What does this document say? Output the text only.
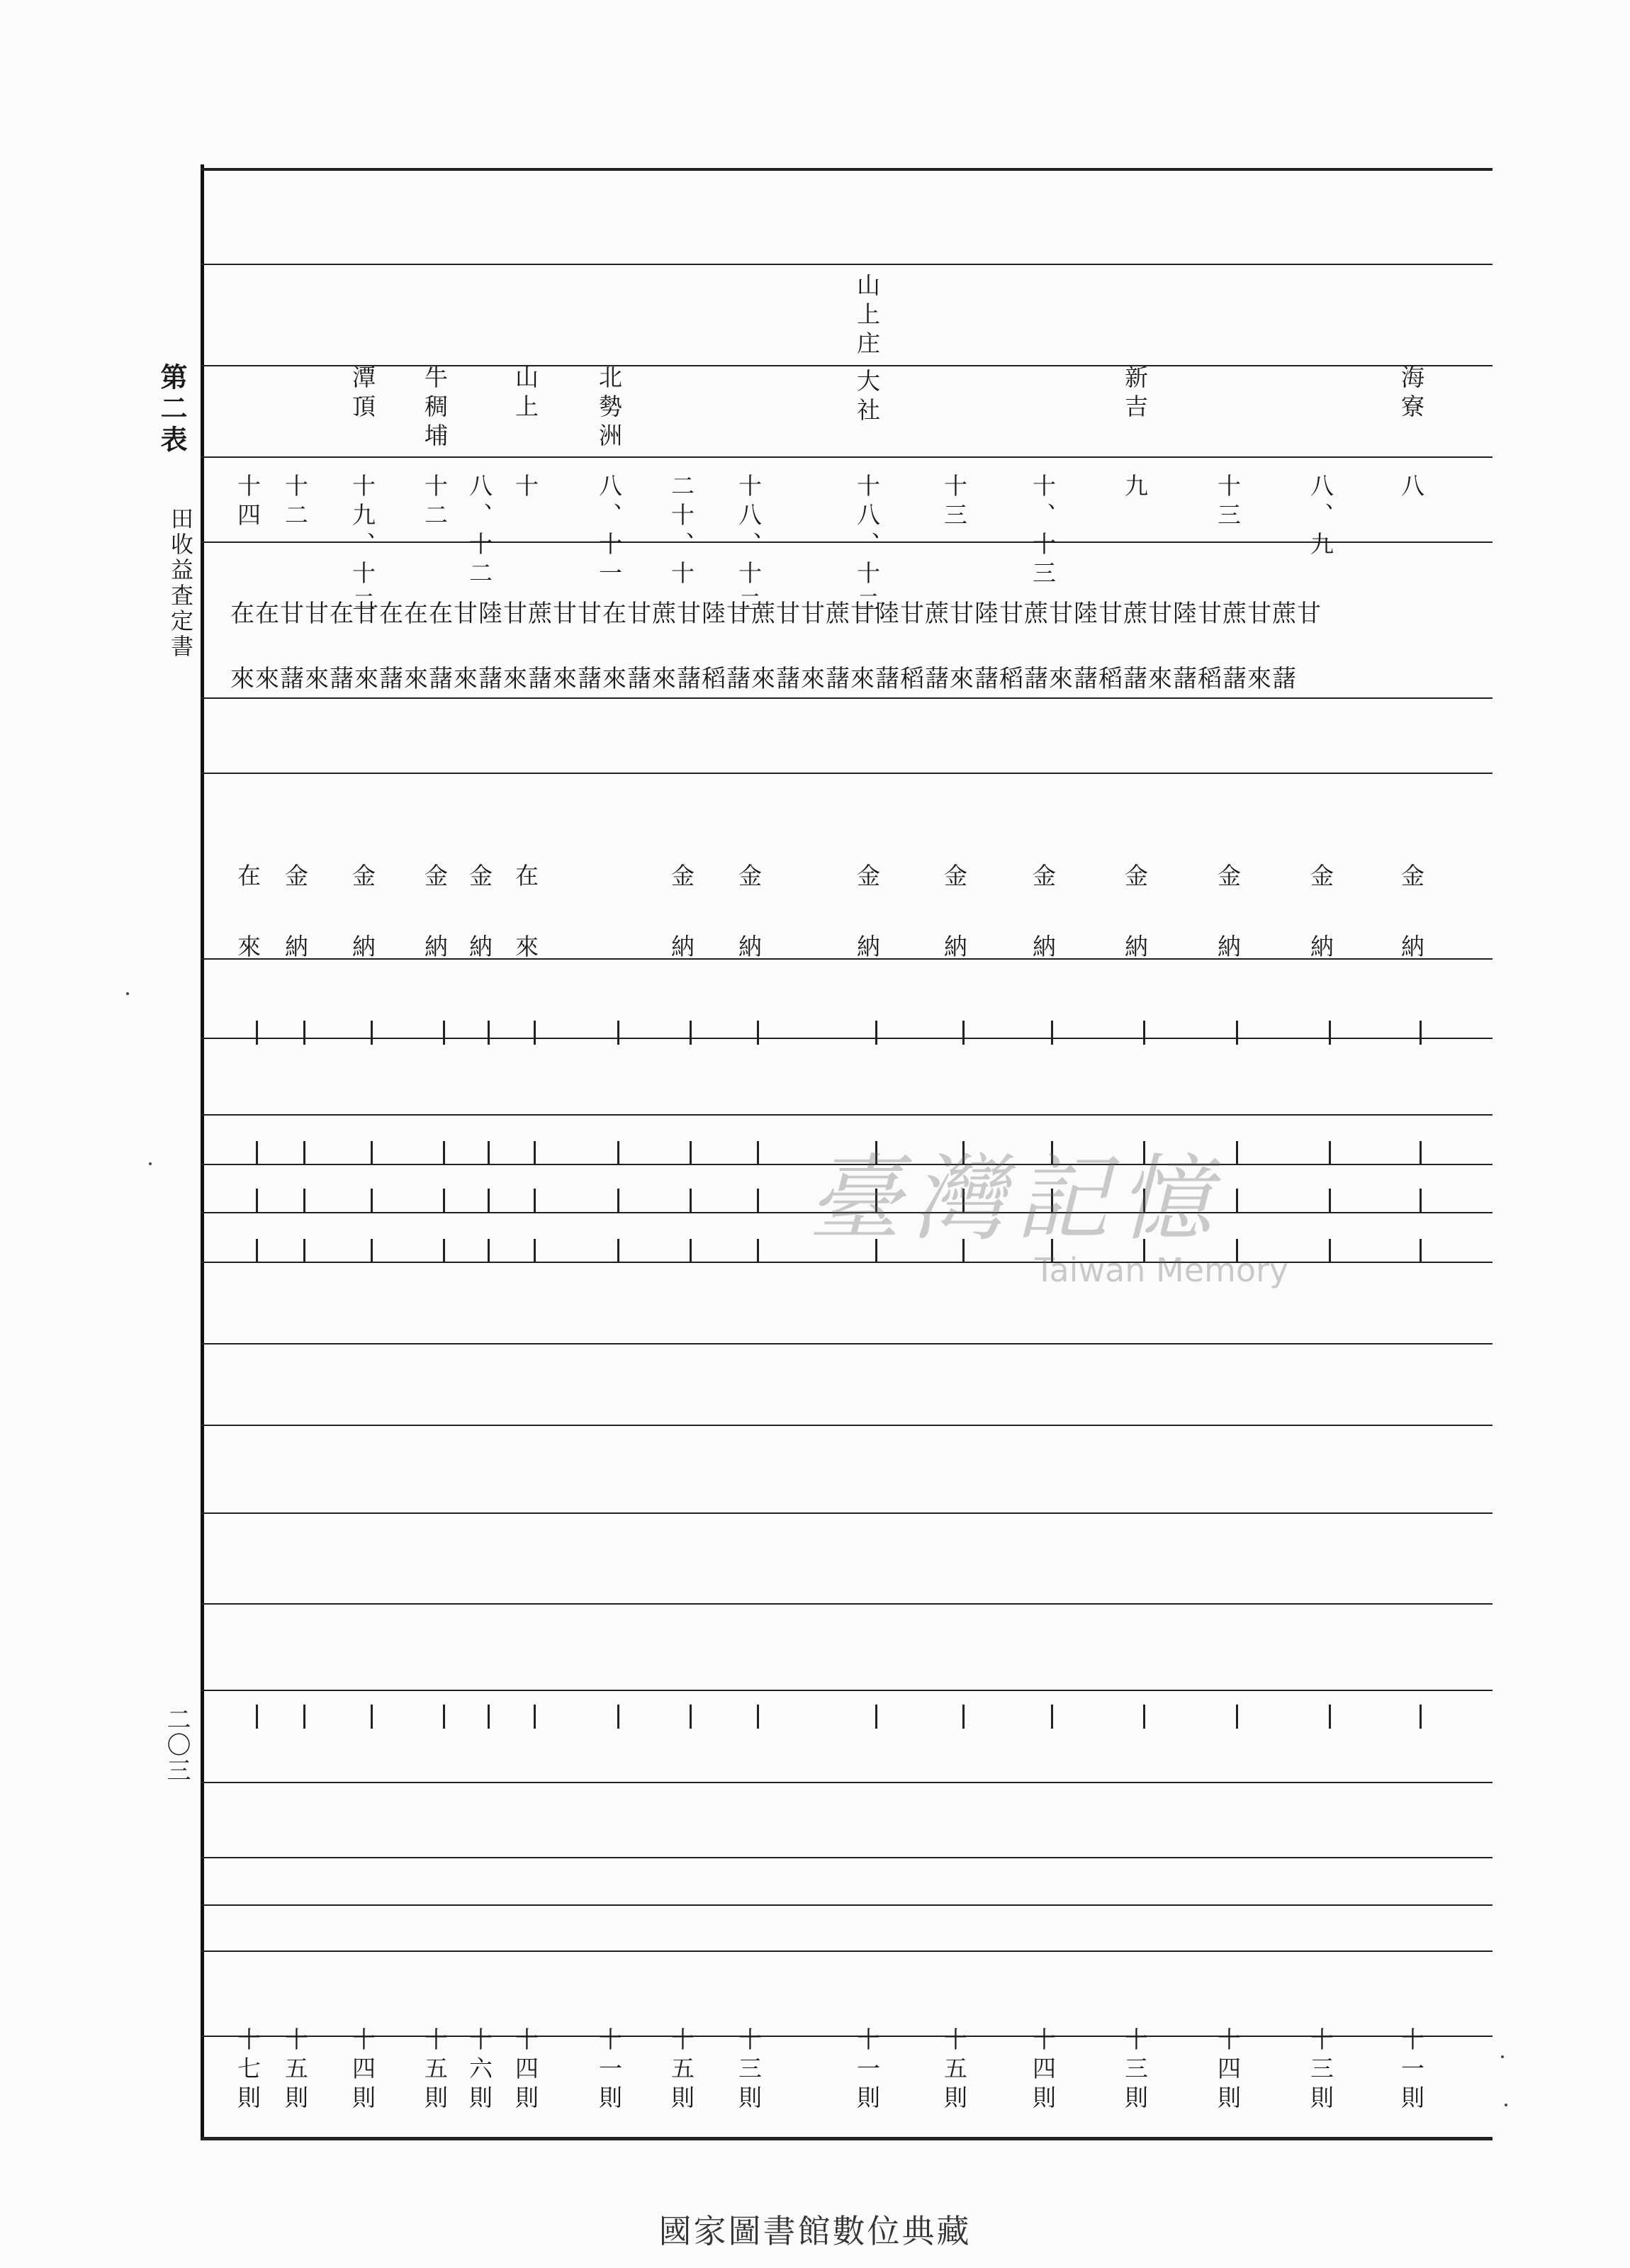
第二表
田收益査定書
二〇三
海寮
新吉
山上庄
大社
北勢洲
山上
牛稠埔
潭頂
八
八、九
十三
九
十、十三
十三
十八、十二
十八、十二
二十、十
八、十一
十
八、十二
十二
十九、十二
十二
十四
甘蔗甘蔗甘陸甘蔗甘陸甘蔗甘陸甘蔗甘陸甘蔗甘甘蔗甘陸甘蔗甘在甘甘蔗甘陸甘在在在甘在甘甘在在
藷來藷稻藷來藷稻藷來藷稻藷來藷稻藷來藷來藷來藷稻藷來藷來藷來藷來藷來藷來藷來藷來藷來來
金
金
金
金
金
金
金
金
金
在
金
金
金
金
在
納
納
納
納
納
納
納
納
納
來
納
納
納
納
來
十一則
十三則
十四則
十三則
十四則
十五則
十一則
十三則
十五則
十一則
十四則
十六則
十五則
十四則
十五則
十七則
臺灣記憶
Taiwan Memory
國家圖書館數位典藏
